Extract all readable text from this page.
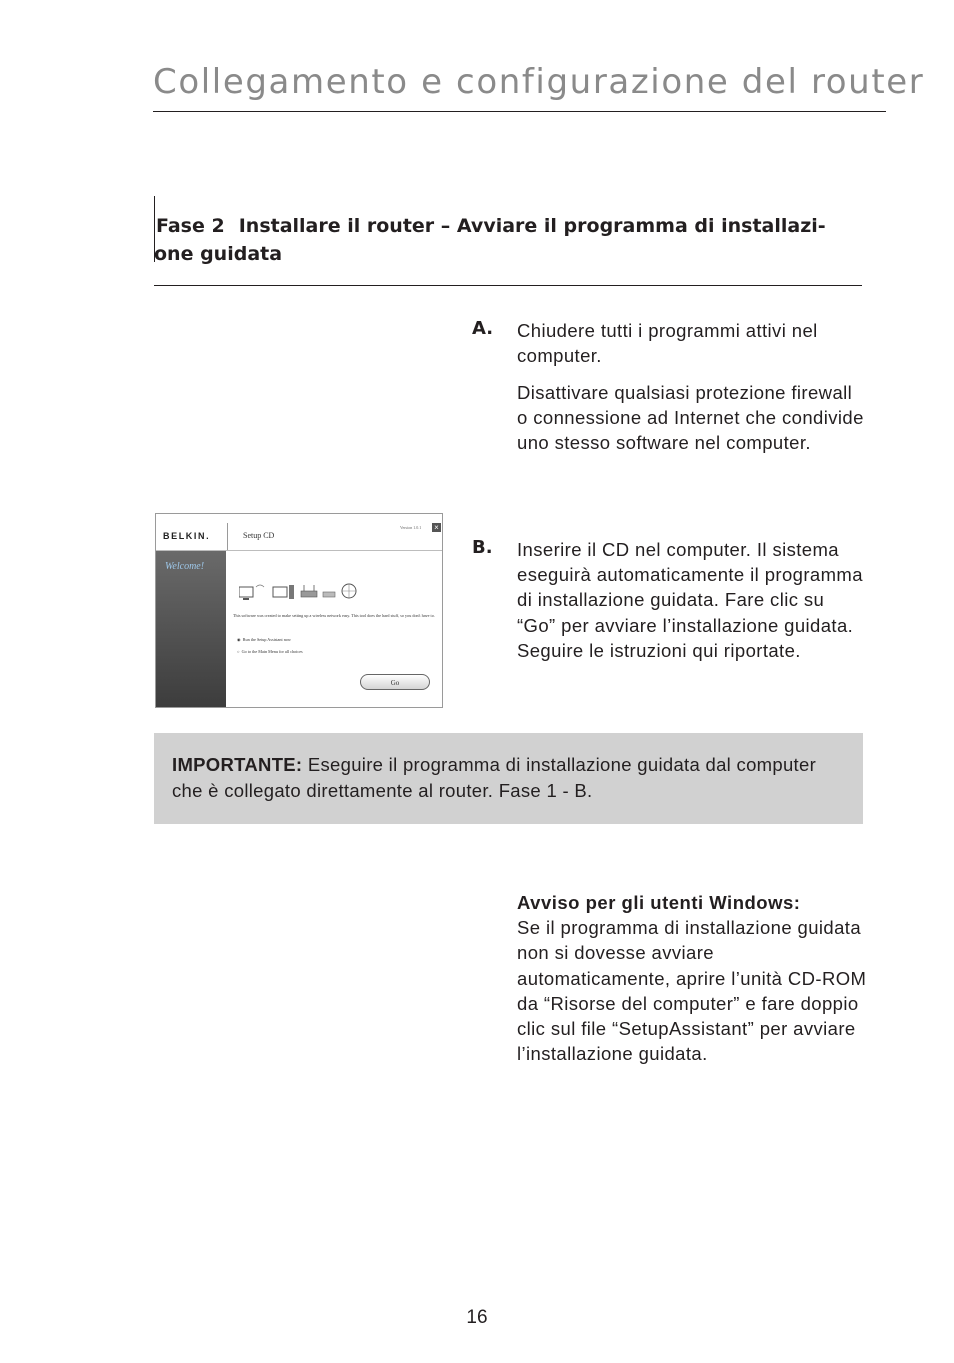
Collegamento e configurazione del router
Fase 2 Installare il router – Avviare il programma di installazi-one guidata
A. Chiudere tutti i programmi attivi nel computer.

Disattivare qualsiasi protezione firewall o connessione ad Internet che condivide uno stesso software nel computer.

BELKIN.	Setup CD
Version 1.0.1 ×
Welcome!

This software was created to make setting up a wireless network easy. This tool does the hard stuff, so you don't have to.

◉  Run the Setup Assistant now
○  Go to the Main Menu for all choices
Go
B. Inserire il CD nel computer. Il sistema eseguirà automaticamente il programma di installazione guidata. Fare clic su “Go” per avviare l’installazione guidata. Seguire le istruzioni qui riportate.

IMPORTANTE: Eseguire il programma di installazione guidata dal computer che è collegato direttamente al router. Fase 1 - B.

Avviso per gli utenti Windows:
Se il programma di installazione guidata non si dovesse avviare automaticamente, aprire l’unità CD-ROM da “Risorse del computer” e fare doppio clic sul file “SetupAssistant” per avviare l’installazione guidata.

16
